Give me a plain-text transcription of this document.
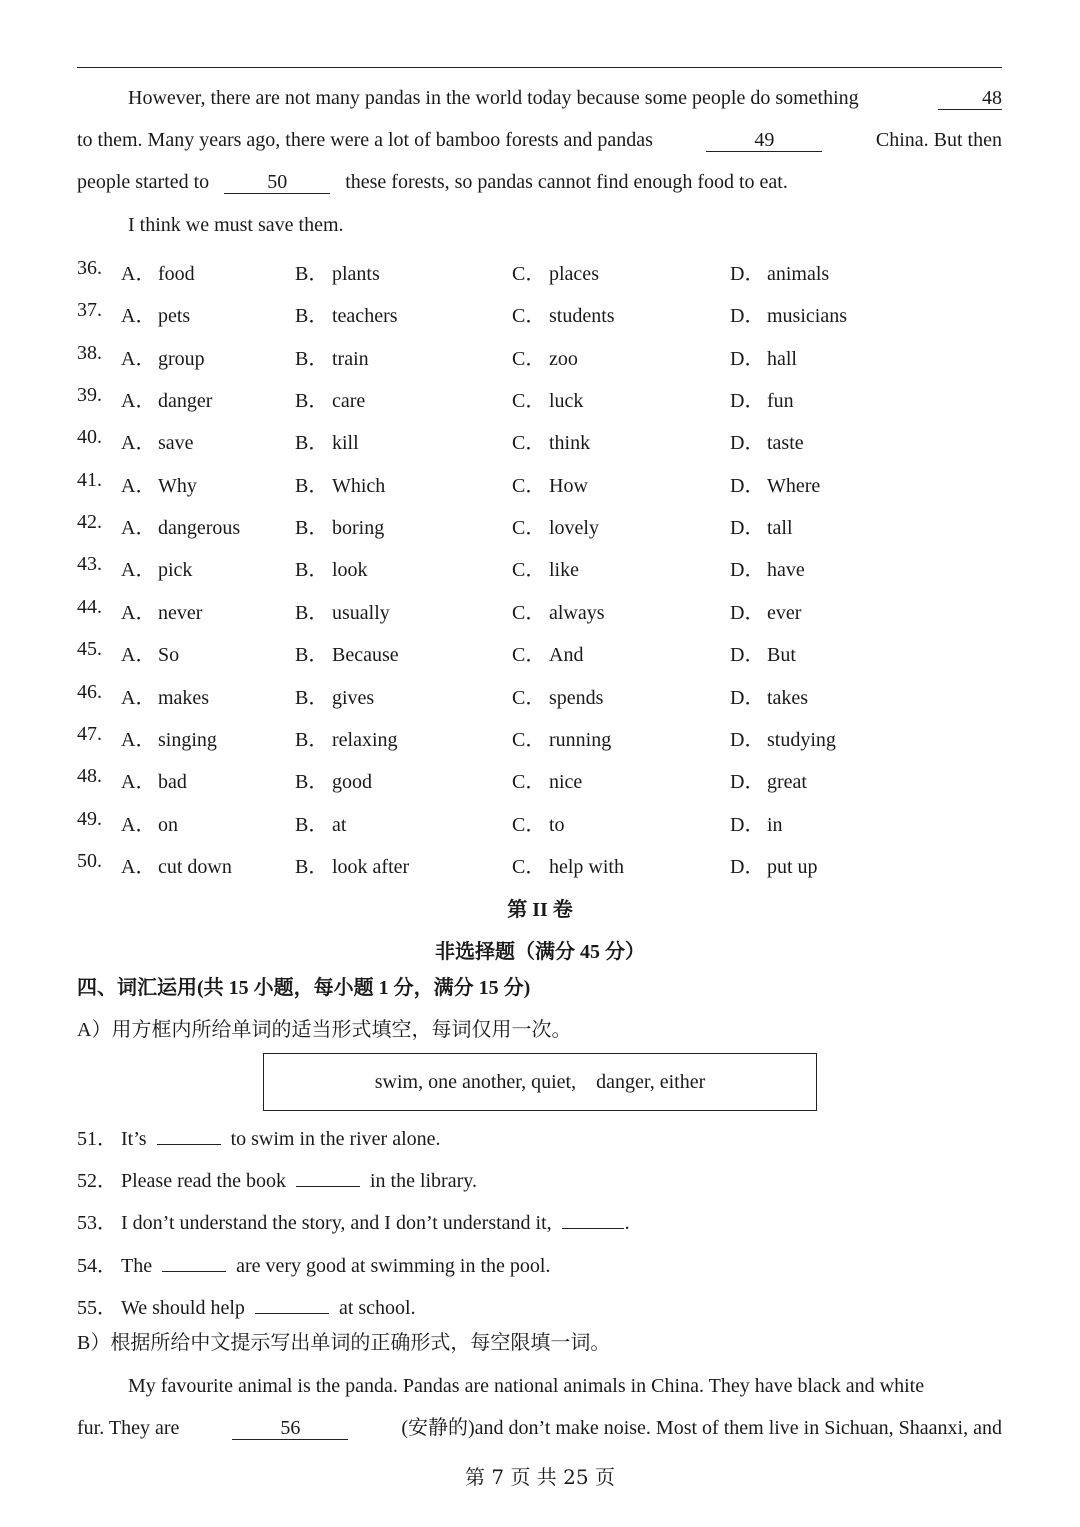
However, there are not many pandas in the world today because some people do something	48
to them. Many years ago, there were a lot of bamboo forests and pandas	49	China. But then
people started to	50	these forests, so pandas cannot find enough food to eat.
I think we must save them.
36. A． food	B． plants	C． places	D． animals
37. A． pets	B． teachers	C． students	D． musicians
38. A． group	B． train	C． zoo	D． hall
39. A． danger	B． care	C． luck	D． fun
40. A． save	B． kill	C． think	D． taste
41. A． Why	B． Which	C． How	D． Where
42. A． dangerous	B． boring	C． lovely	D． tall
43. A． pick	B． look	C． like	D． have
44. A． never	B． usually	C． always	D． ever
45. A． So	B． Because	C． And	D． But
46. A． makes	B． gives	C． spends	D． takes
47. A． singing	B． relaxing	C． running	D． studying
48. A． bad	B． good	C． nice	D． great
49. A． on	B． at	C． to	D． in
50. A． cut down	B． look after	C． help with	D． put up
第 II 卷
非选择题（满分 45 分）
四、词汇运用(共 15 小题，每小题 1 分，满分 15 分)
A）用方框内所给单词的适当形式填空，每词仅用一次。
swim, one another, quiet,    danger, either
51． It’s	to swim in the river alone.
52． Please read the book	in the library.
53． I don’t understand the story, and I don’t understand it,	.
54． The	are very good at swimming in the pool.
55． We should help	at school.
B）根据所给中文提示写出单词的正确形式，每空限填一词。
My favourite animal is the panda. Pandas are national animals in China. They have black and white
fur. They are	56	(安静的)and don’t make noise. Most of them live in Sichuan, Shaanxi, and
第 7 页 共 25 页
